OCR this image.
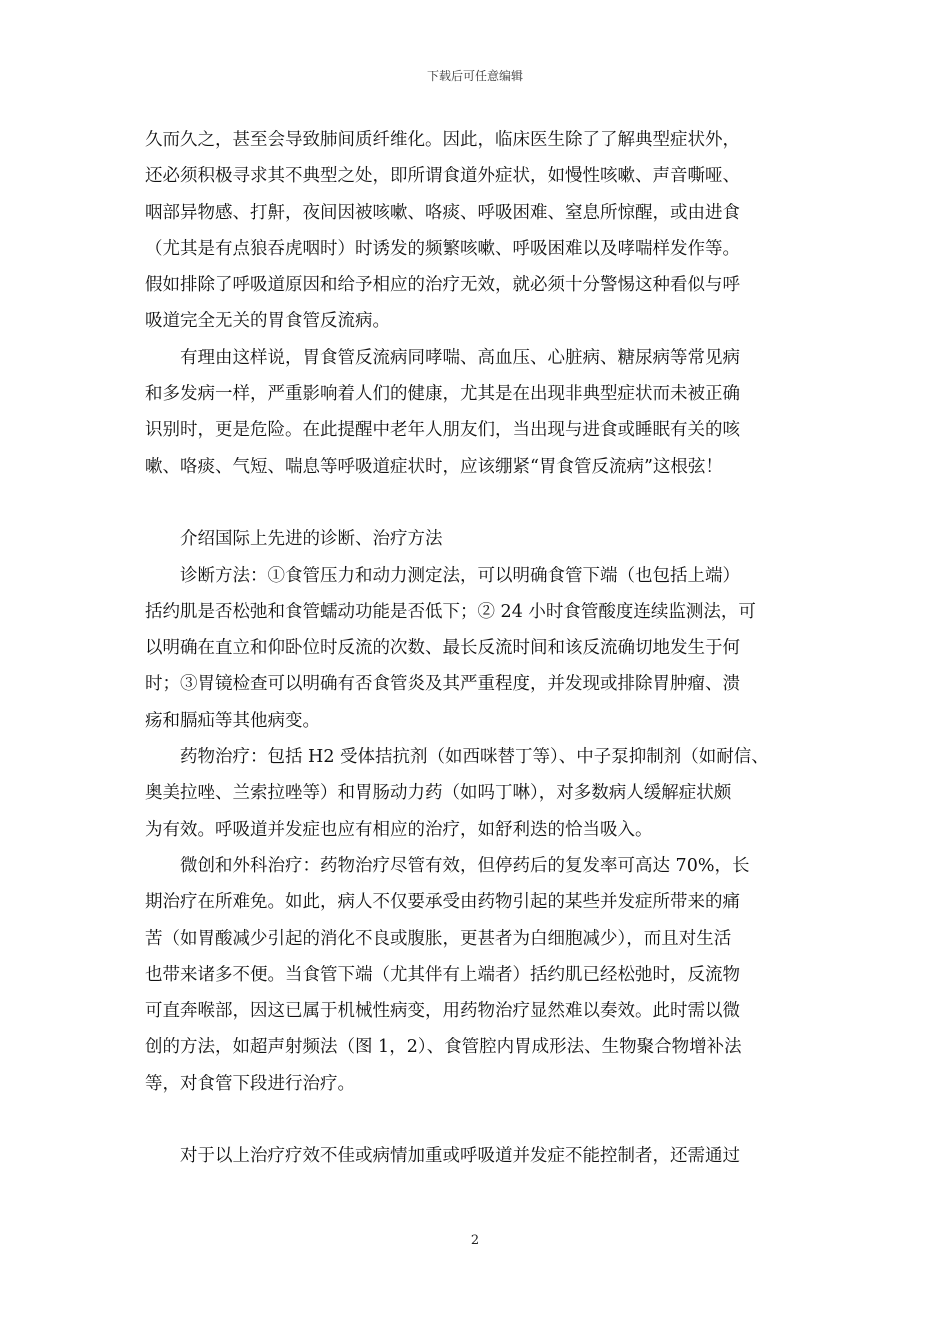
下载后可任意编辑
久而久之，甚至会导致肺间质纤维化。因此，临床医生除了了解典型症状外，
还必须积极寻求其不典型之处，即所谓食道外症状，如慢性咳嗽、声音嘶哑、
咽部异物感、打鼾，夜间因被咳嗽、咯痰、呼吸困难、窒息所惊醒，或由进食
（尤其是有点狼吞虎咽时）时诱发的频繁咳嗽、呼吸困难以及哮喘样发作等。
假如排除了呼吸道原因和给予相应的治疗无效，就必须十分警惕这种看似与呼
吸道完全无关的胃食管反流病。
　　有理由这样说，胃食管反流病同哮喘、高血压、心脏病、糖尿病等常见病
和多发病一样，严重影响着人们的健康，尤其是在出现非典型症状而未被正确
识别时，更是危险。在此提醒中老年人朋友们，当出现与进食或睡眠有关的咳
嗽、咯痰、气短、喘息等呼吸道症状时，应该绷紧“胃食管反流病”这根弦！
　　介绍国际上先进的诊断、治疗方法
　　诊断方法：①食管压力和动力测定法，可以明确食管下端（也包括上端）
括约肌是否松弛和食管蠕动功能是否低下；② 24 小时食管酸度连续监测法，可
以明确在直立和仰卧位时反流的次数、最长反流时间和该反流确切地发生于何
时；③胃镜检查可以明确有否食管炎及其严重程度，并发现或排除胃肿瘤、溃
疡和膈疝等其他病变。
　　药物治疗：包括 H2 受体拮抗剂（如西咪替丁等）、中子泵抑制剂（如耐信、
奥美拉唑、兰索拉唑等）和胃肠动力药（如吗丁啉），对多数病人缓解症状颇
为有效。呼吸道并发症也应有相应的治疗，如舒利迭的恰当吸入。
　　微创和外科治疗：药物治疗尽管有效，但停药后的复发率可高达 70%，长
期治疗在所难免。如此，病人不仅要承受由药物引起的某些并发症所带来的痛
苦（如胃酸减少引起的消化不良或腹胀，更甚者为白细胞减少），而且对生活
也带来诸多不便。当食管下端（尤其伴有上端者）括约肌已经松弛时，反流物
可直奔喉部，因这已属于机械性病变，用药物治疗显然难以奏效。此时需以微
创的方法，如超声射频法（图 1，2）、食管腔内胃成形法、生物聚合物增补法
等，对食管下段进行治疗。
　　对于以上治疗疗效不佳或病情加重或呼吸道并发症不能控制者，还需通过
2
